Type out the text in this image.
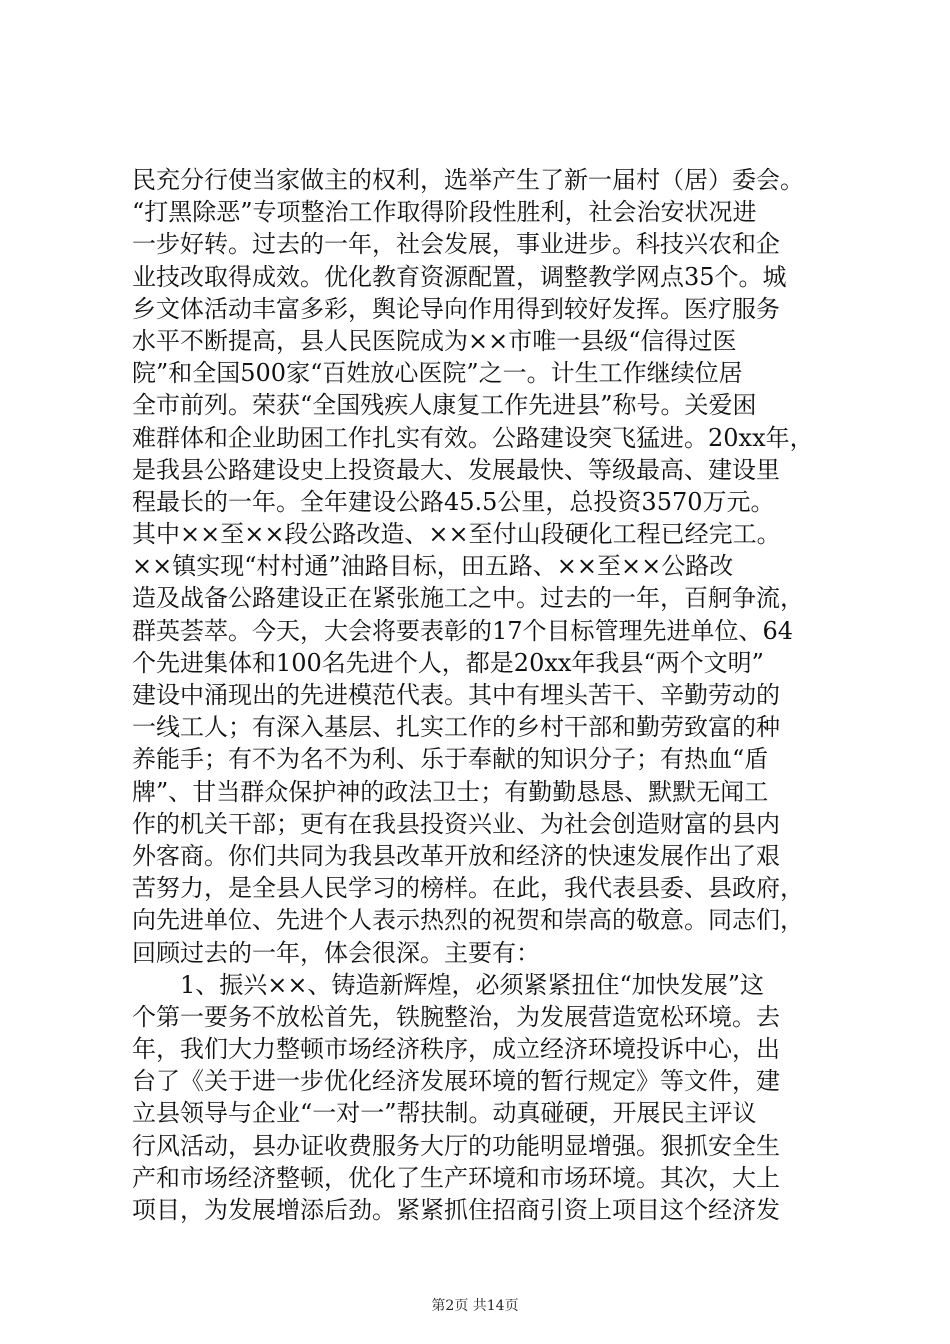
民充分行使当家做主的权利，选举产生了新一届村（居）委会。
“打黑除恶”专项整治工作取得阶段性胜利，社会治安状况进
一步好转。过去的一年，社会发展，事业进步。科技兴农和企
业技改取得成效。优化教育资源配置，调整教学网点35个。城
乡文体活动丰富多彩，舆论导向作用得到较好发挥。医疗服务
水平不断提高，县人民医院成为××市唯一县级“信得过医
院”和全国500家“百姓放心医院”之一。计生工作继续位居
全市前列。荣获“全国残疾人康复工作先进县”称号。关爱困
难群体和企业助困工作扎实有效。公路建设突飞猛进。20xx年，
是我县公路建设史上投资最大、发展最快、等级最高、建设里
程最长的一年。全年建设公路45.5公里，总投资3570万元。
其中××至××段公路改造、××至付山段硬化工程已经完工。
××镇实现“村村通”油路目标，田五路、××至××公路改
造及战备公路建设正在紧张施工之中。过去的一年，百舸争流，
群英荟萃。今天，大会将要表彰的17个目标管理先进单位、64
个先进集体和100名先进个人，都是20xx年我县“两个文明”
建设中涌现出的先进模范代表。其中有埋头苦干、辛勤劳动的
一线工人；有深入基层、扎实工作的乡村干部和勤劳致富的种
养能手；有不为名不为利、乐于奉献的知识分子；有热血“盾
牌”、甘当群众保护神的政法卫士；有勤勤恳恳、默默无闻工
作的机关干部；更有在我县投资兴业、为社会创造财富的县内
外客商。你们共同为我县改革开放和经济的快速发展作出了艰
苦努力，是全县人民学习的榜样。在此，我代表县委、县政府，
向先进单位、先进个人表示热烈的祝贺和崇高的敬意。同志们，
回顾过去的一年，体会很深。主要有：
1、振兴××、铸造新辉煌，必须紧紧扭住“加快发展”这
个第一要务不放松首先，铁腕整治，为发展营造宽松环境。去
年，我们大力整顿市场经济秩序，成立经济环境投诉中心，出
台了《关于进一步优化经济发展环境的暂行规定》等文件，建
立县领导与企业“一对一”帮扶制。动真碰硬，开展民主评议
行风活动，县办证收费服务大厅的功能明显增强。狠抓安全生
产和市场经济整顿，优化了生产环境和市场环境。其次，大上
项目，为发展增添后劲。紧紧抓住招商引资上项目这个经济发
第2页 共14页
